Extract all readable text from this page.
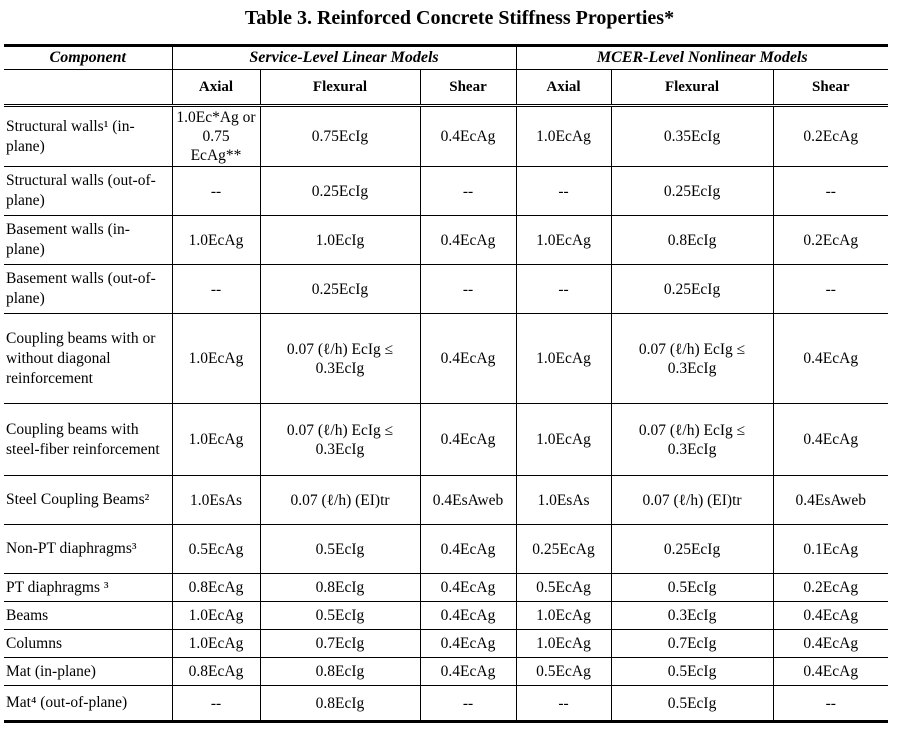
Table 3. Reinforced Concrete Stiffness Properties*
Component	Service-Level Linear Models			MCER-Level Nonlinear Models		
	Axial	Flexural	Shear	Axial	Flexural	Shear
Structural walls¹ (in-plane)	1.0Ec*Ag or 0.75 EcAg**	0.75EcIg	0.4EcAg	1.0EcAg	0.35EcIg	0.2EcAg
Structural walls (out-of-plane)	--	0.25EcIg	--	--	0.25EcIg	--
Basement walls (in-plane)	1.0EcAg	1.0EcIg	0.4EcAg	1.0EcAg	0.8EcIg	0.2EcAg
Basement walls (out-of-plane)	--	0.25EcIg	--	--	0.25EcIg	--
Coupling beams with or without diagonal reinforcement	1.0EcAg	0.07 (ℓ/h) EcIg ≤ 0.3EcIg	0.4EcAg	1.0EcAg	0.07 (ℓ/h) EcIg ≤ 0.3EcIg	0.4EcAg
Coupling beams with steel-fiber reinforcement	1.0EcAg	0.07 (ℓ/h) EcIg ≤ 0.3EcIg	0.4EcAg	1.0EcAg	0.07 (ℓ/h) EcIg ≤ 0.3EcIg	0.4EcAg
Steel Coupling Beams²	1.0EsAs	0.07 (ℓ/h) (EI)tr	0.4EsAweb	1.0EsAs	0.07 (ℓ/h) (EI)tr	0.4EsAweb
Non-PT diaphragms³	0.5EcAg	0.5EcIg	0.4EcAg	0.25EcAg	0.25EcIg	0.1EcAg
PT diaphragms ³	0.8EcAg	0.8EcIg	0.4EcAg	0.5EcAg	0.5EcIg	0.2EcAg
Beams	1.0EcAg	0.5EcIg	0.4EcAg	1.0EcAg	0.3EcIg	0.4EcAg
Columns	1.0EcAg	0.7EcIg	0.4EcAg	1.0EcAg	0.7EcIg	0.4EcAg
Mat (in-plane)	0.8EcAg	0.8EcIg	0.4EcAg	0.5EcAg	0.5EcIg	0.4EcAg
Mat⁴ (out-of-plane)	--	0.8EcIg	--	--	0.5EcIg	--
